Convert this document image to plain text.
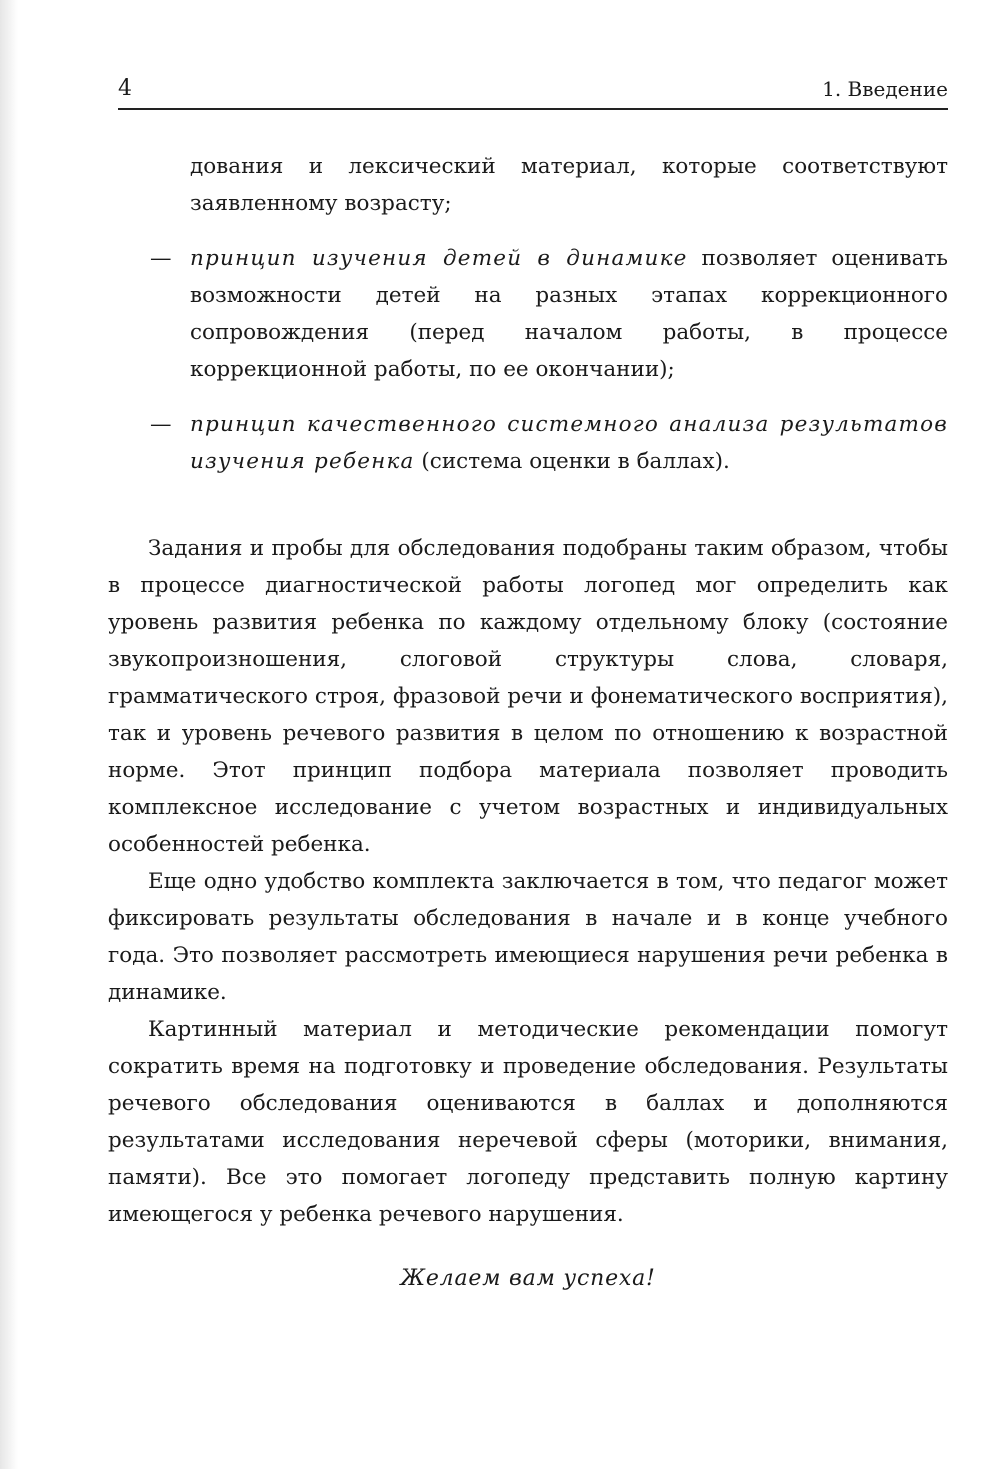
4	1. Введение

дования и лексический материал, которые соответствуют заявленному возрасту;

— принцип изучения детей в динамике позволяет оценивать возможности детей на разных этапах коррекционного сопровождения (перед началом работы, в процессе коррекционной работы, по ее окончании);
— принцип качественного системного анализа результатов изучения ребенка (система оценки в баллах).

Задания и пробы для обследования подобраны таким образом, чтобы в процессе диагностической работы логопед мог определить как уровень развития ребенка по каждому отдельному блоку (состояние звукопроизношения, слоговой структуры слова, словаря, грамматического строя, фразовой речи и фонематического восприятия), так и уровень речевого развития в целом по отношению к возрастной норме. Этот принцип подбора материала позволяет проводить комплексное исследование с учетом возрастных и индивидуальных особенностей ребенка.

Еще одно удобство комплекта заключается в том, что педагог может фиксировать результаты обследования в начале и в конце учебного года. Это позволяет рассмотреть имеющиеся нарушения речи ребенка в динамике.

Картинный материал и методические рекомендации помогут сократить время на подготовку и проведение обследования. Результаты речевого обследования оцениваются в баллах и дополняются результатами исследования неречевой сферы (моторики, внимания, памяти). Все это помогает логопеду представить полную картину имеющегося у ребенка речевого нарушения.

Желаем вам успеха!
